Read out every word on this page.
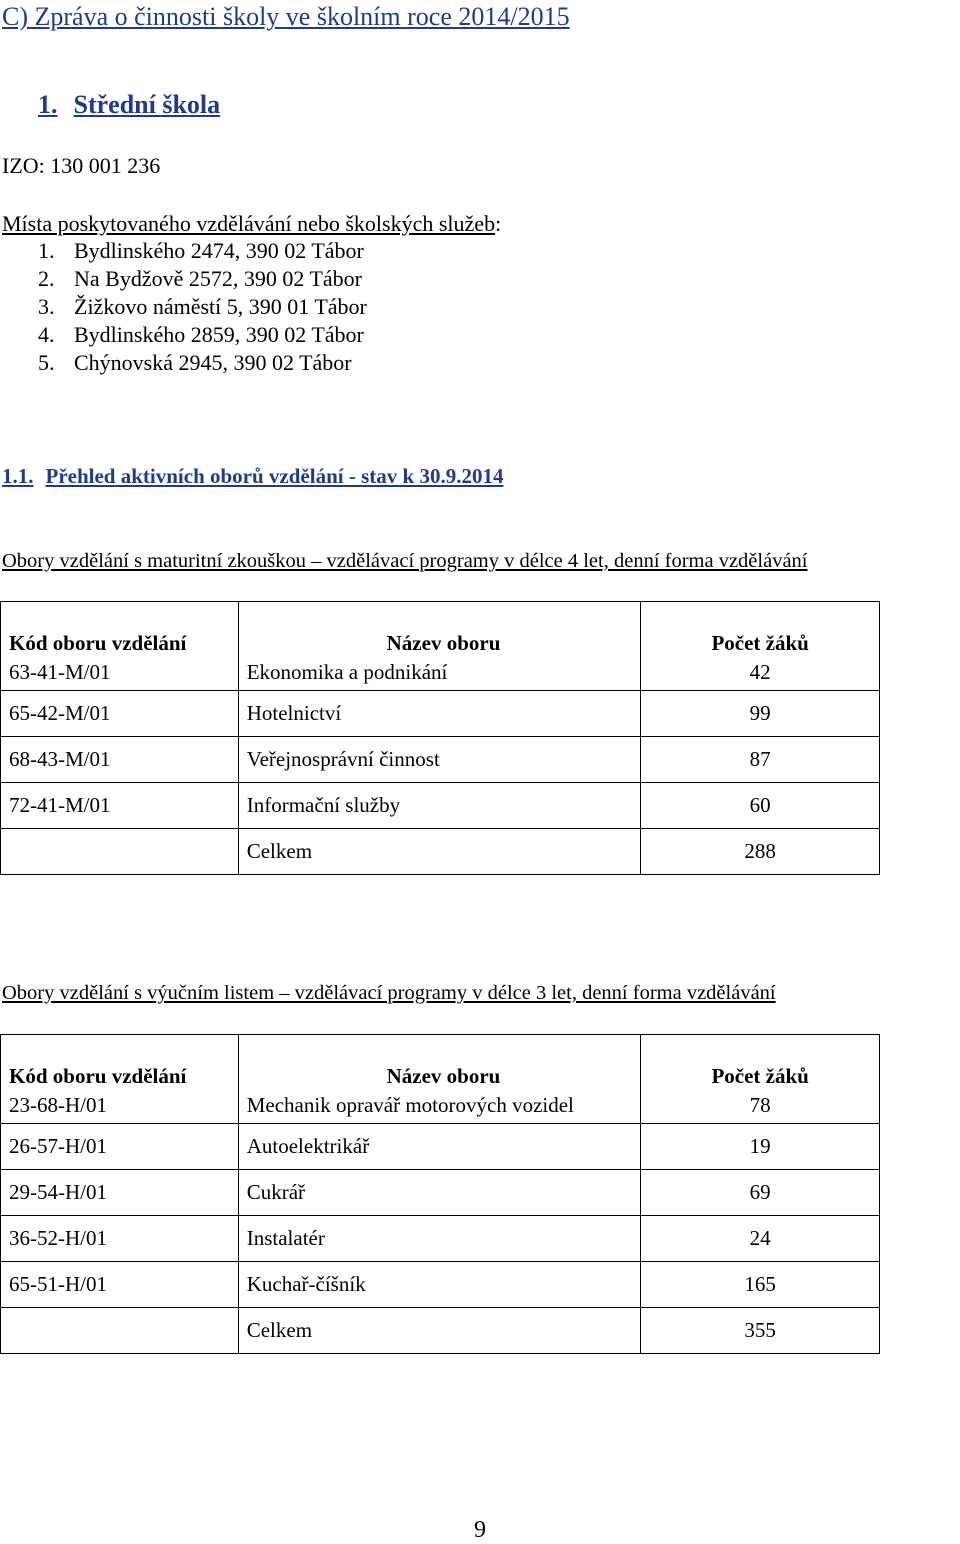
C) Zpráva o činnosti školy ve školním roce 2014/2015
1. Střední škola
IZO: 130 001 236
Místa poskytovaného vzdělávání nebo školských služeb:
1. Bydlinského 2474, 390 02 Tábor
2. Na Bydžově 2572, 390 02 Tábor
3. Žižkovo náměstí 5, 390 01 Tábor
4. Bydlinského 2859, 390 02 Tábor
5. Chýnovská 2945, 390 02 Tábor
1.1. Přehled aktivních oborů vzdělání - stav k 30.9.2014
Obory vzdělání s maturitní zkouškou – vzdělávací programy v délce 4 let, denní forma vzdělávání
Kód oboru vzdělání	Název oboru	Počet žáků
63-41-M/01	Ekonomika a podnikání	42
65-42-M/01	Hotelnictví	99
68-43-M/01	Veřejnosprávní činnost	87
72-41-M/01	Informační služby	60
	Celkem	288
Obory vzdělání s výučním listem – vzdělávací programy v délce 3 let, denní forma vzdělávání
Kód oboru vzdělání	Název oboru	Počet žáků
23-68-H/01	Mechanik opravář motorových vozidel	78
26-57-H/01	Autoelektrikář	19
29-54-H/01	Cukrář	69
36-52-H/01	Instalatér	24
65-51-H/01	Kuchař-číšník	165
	Celkem	355
9
